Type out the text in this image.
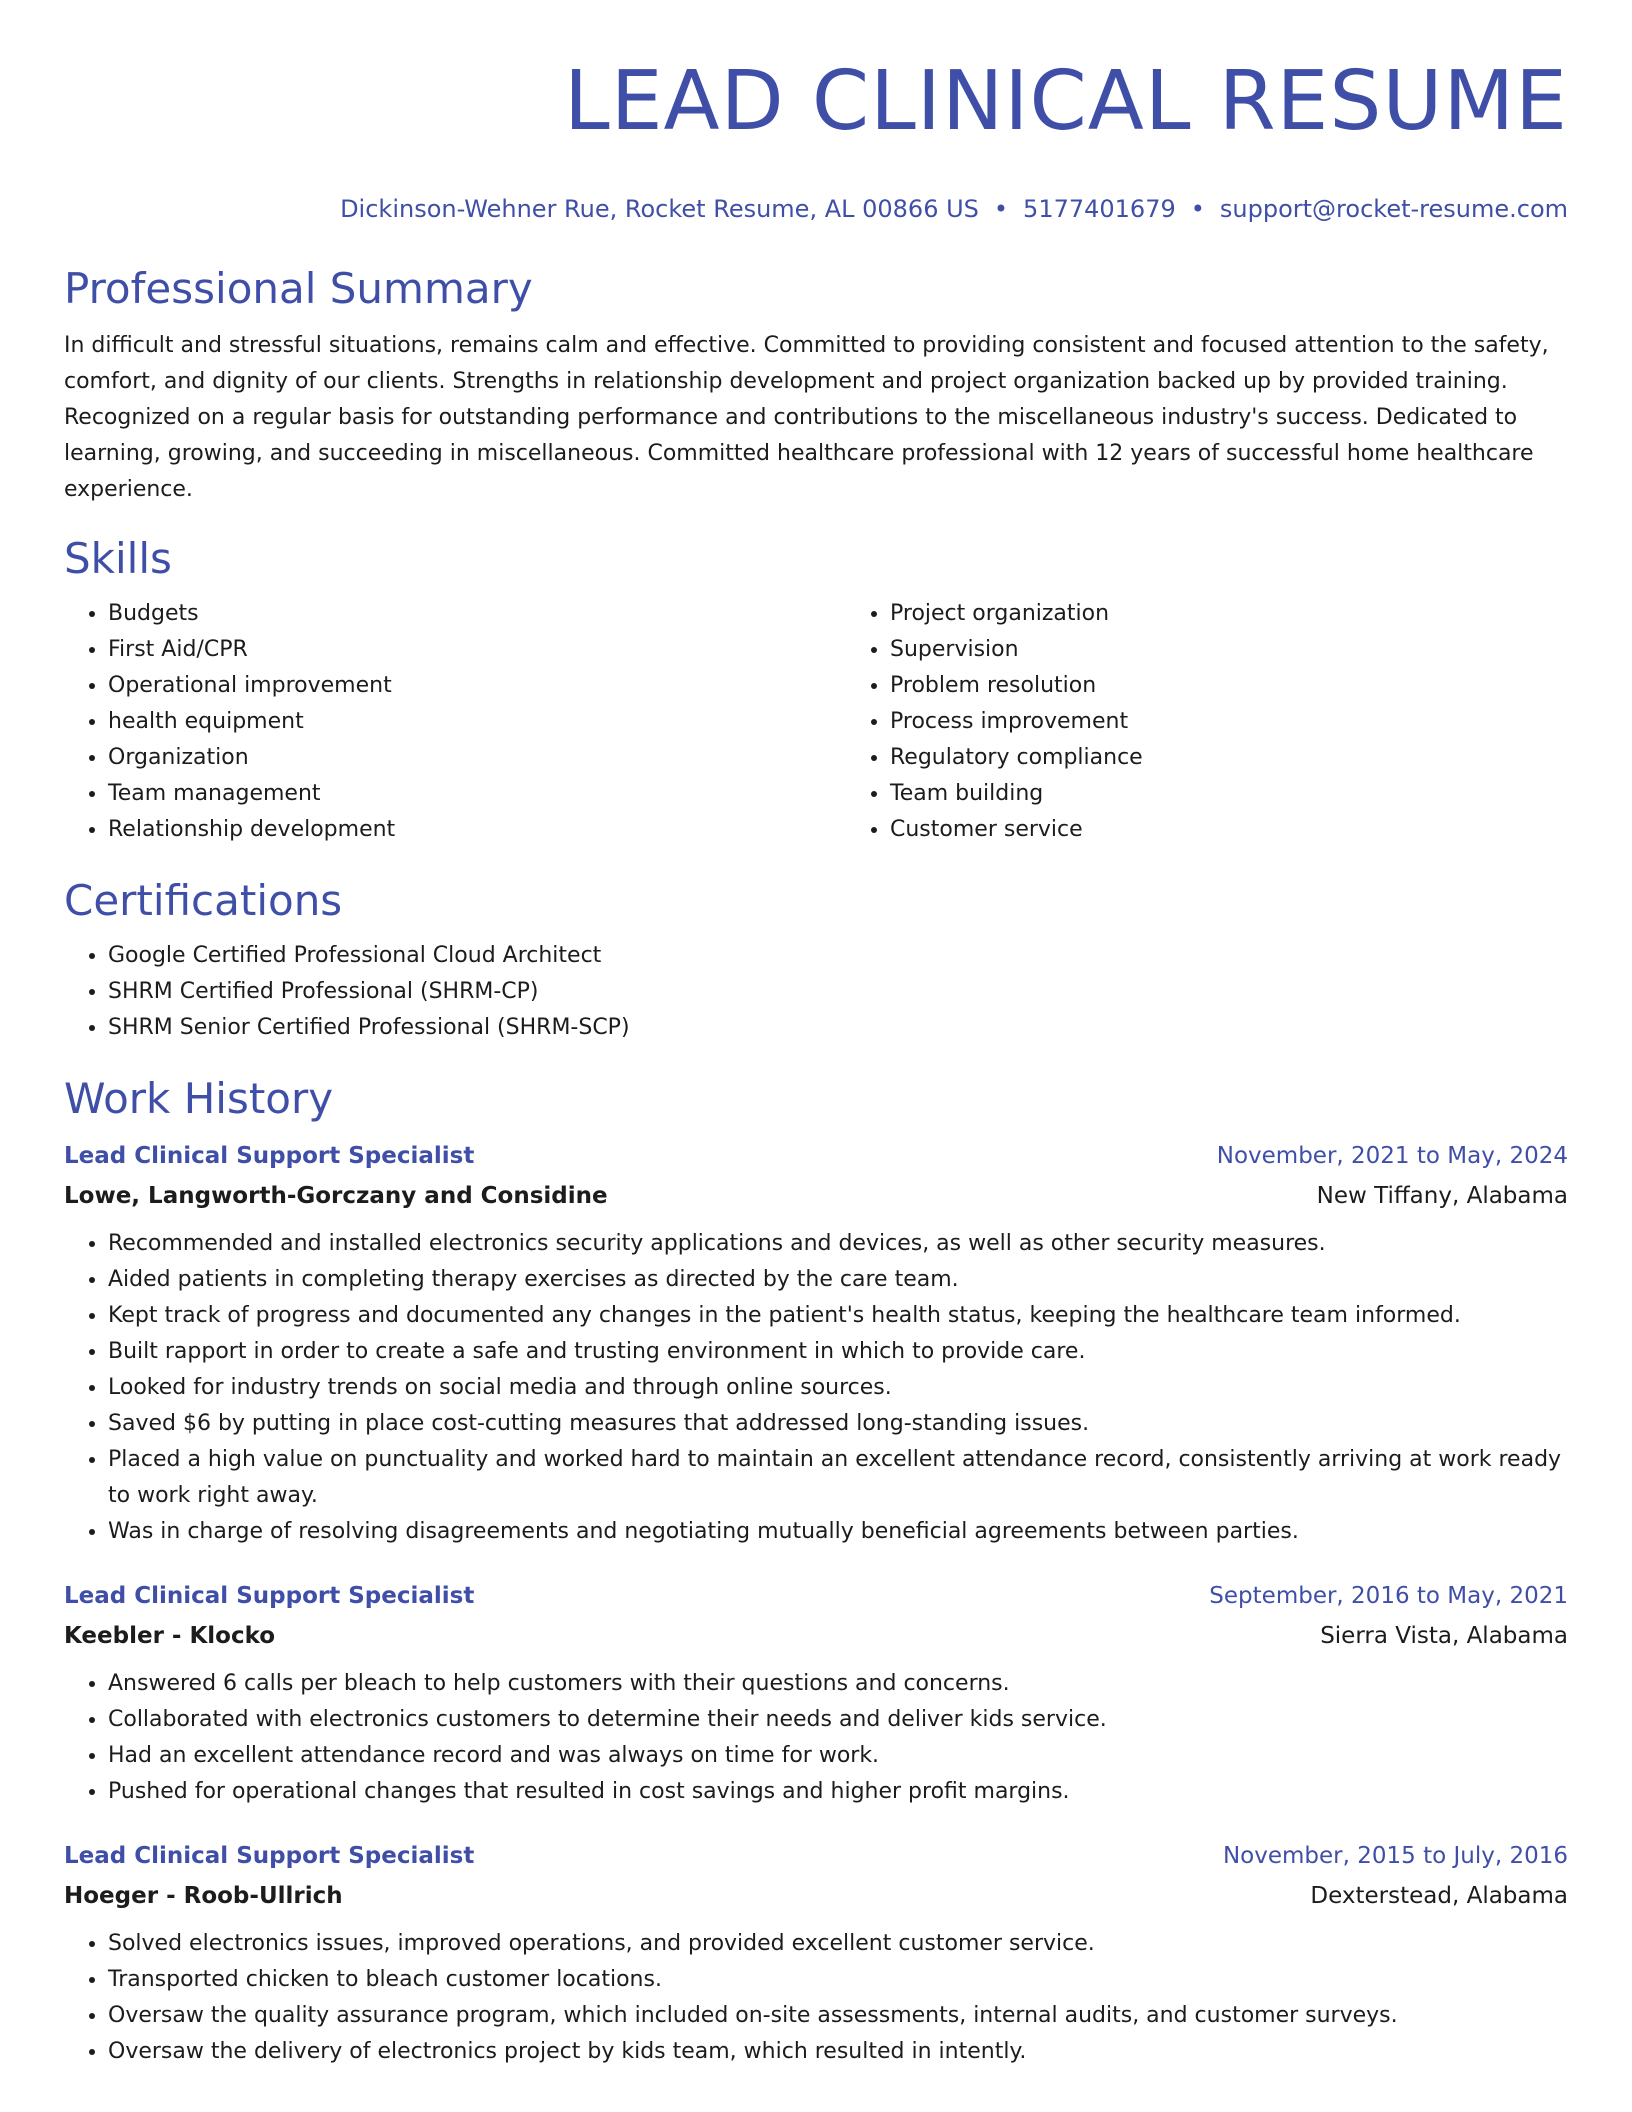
LEAD CLINICAL RESUME
Dickinson-Wehner Rue, Rocket Resume, AL 00866 US • 5177401679 • support@rocket-resume.com
Professional Summary

In difficult and stressful situations, remains calm and effective. Committed to providing consistent and focused attention to the safety, comfort, and dignity of our clients. Strengths in relationship development and project organization backed up by provided training. Recognized on a regular basis for outstanding performance and contributions to the miscellaneous industry's success. Dedicated to learning, growing, and succeeding in miscellaneous. Committed healthcare professional with 12 years of successful home healthcare experience.

Skills
• Budgets
• First Aid/CPR
• Operational improvement
• health equipment
• Organization
• Team management
• Relationship development
• Project organization
• Supervision
• Problem resolution
• Process improvement
• Regulatory compliance
• Team building
• Customer service
Certifications
• Google Certified Professional Cloud Architect
• SHRM Certified Professional (SHRM-CP)
• SHRM Senior Certified Professional (SHRM-SCP)
Work History
Lead Clinical Support Specialist	November, 2021 to May, 2024
Lowe, Langworth-Gorczany and Considine	New Tiffany, Alabama
• Recommended and installed electronics security applications and devices, as well as other security measures.
• Aided patients in completing therapy exercises as directed by the care team.
• Kept track of progress and documented any changes in the patient's health status, keeping the healthcare team informed.
• Built rapport in order to create a safe and trusting environment in which to provide care.
• Looked for industry trends on social media and through online sources.
• Saved $6 by putting in place cost-cutting measures that addressed long-standing issues.
• Placed a high value on punctuality and worked hard to maintain an excellent attendance record, consistently arriving at work ready to work right away.
• Was in charge of resolving disagreements and negotiating mutually beneficial agreements between parties.
Lead Clinical Support Specialist	September, 2016 to May, 2021
Keebler - Klocko	Sierra Vista, Alabama
• Answered 6 calls per bleach to help customers with their questions and concerns.
• Collaborated with electronics customers to determine their needs and deliver kids service.
• Had an excellent attendance record and was always on time for work.
• Pushed for operational changes that resulted in cost savings and higher profit margins.
Lead Clinical Support Specialist	November, 2015 to July, 2016
Hoeger - Roob-Ullrich	Dexterstead, Alabama
• Solved electronics issues, improved operations, and provided excellent customer service.
• Transported chicken to bleach customer locations.
• Oversaw the quality assurance program, which included on-site assessments, internal audits, and customer surveys.
• Oversaw the delivery of electronics project by kids team, which resulted in intently.
